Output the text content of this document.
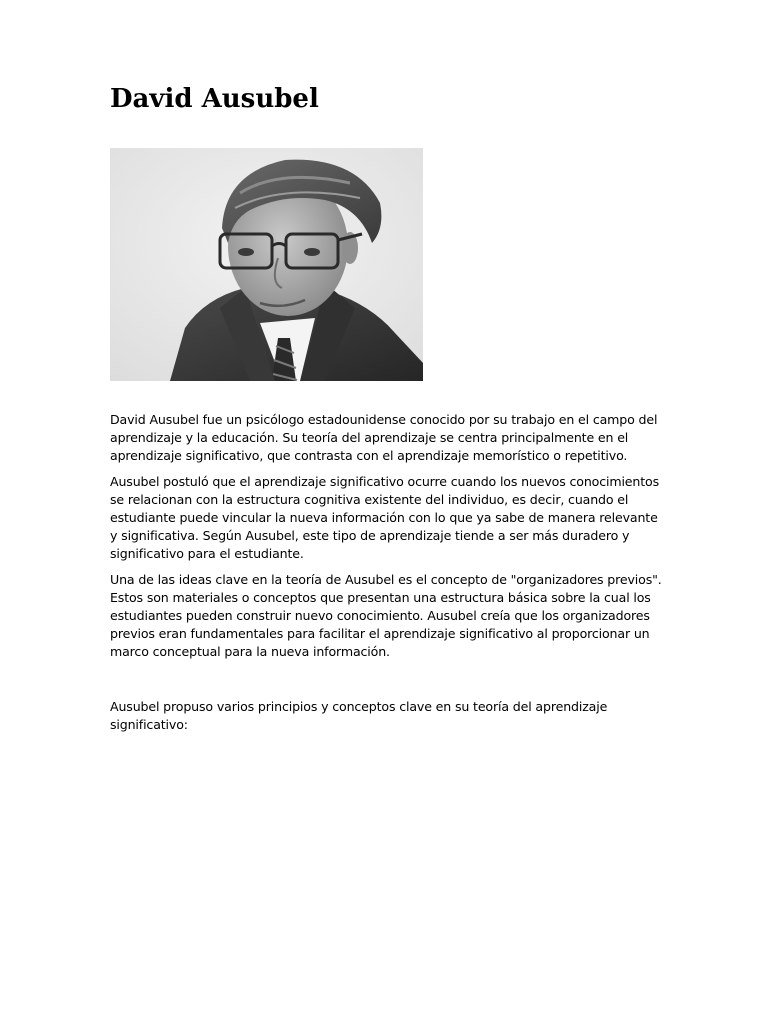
David Ausubel

David Ausubel fue un psicólogo estadounidense conocido por su trabajo en el campo del aprendizaje y la educación. Su teoría del aprendizaje se centra principalmente en el aprendizaje significativo, que contrasta con el aprendizaje memorístico o repetitivo.

Ausubel postuló que el aprendizaje significativo ocurre cuando los nuevos conocimientos se relacionan con la estructura cognitiva existente del individuo, es decir, cuando el estudiante puede vincular la nueva información con lo que ya sabe de manera relevante y significativa. Según Ausubel, este tipo de aprendizaje tiende a ser más duradero y significativo para el estudiante.

Una de las ideas clave en la teoría de Ausubel es el concepto de "organizadores previos". Estos son materiales o conceptos que presentan una estructura básica sobre la cual los estudiantes pueden construir nuevo conocimiento. Ausubel creía que los organizadores previos eran fundamentales para facilitar el aprendizaje significativo al proporcionar un marco conceptual para la nueva información.

Ausubel propuso varios principios y conceptos clave en su teoría del aprendizaje significativo:
